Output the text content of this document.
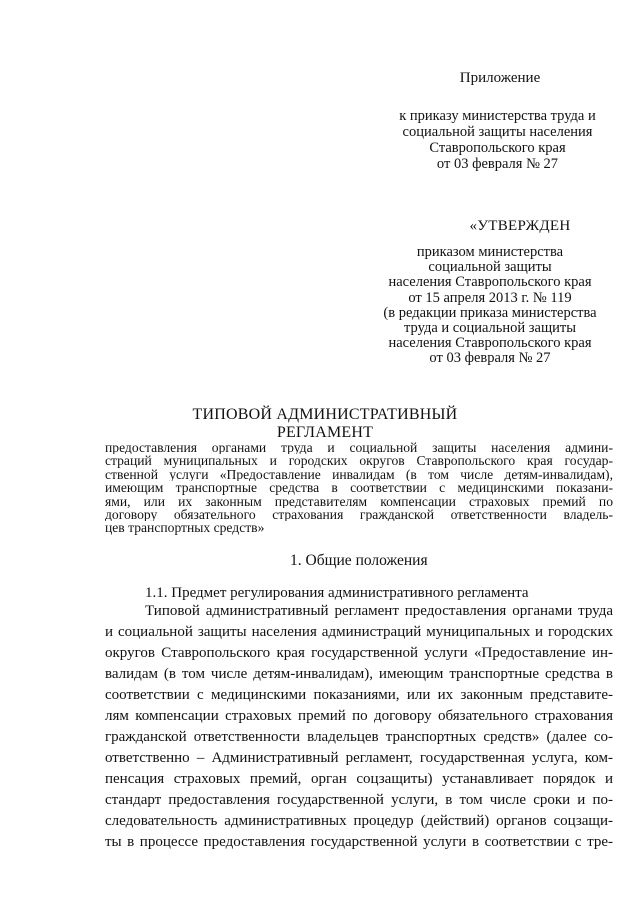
Приложение
к приказу министерства труда и
социальной защиты населения
Ставропольского края
от 03 февраля № 27
«УТВЕРЖДЕН
приказом министерства
социальной защиты
населения Ставропольского края
от 15 апреля 2013 г. № 119
(в редакции приказа министерства
труда и социальной защиты
населения Ставропольского края
от 03 февраля № 27
ТИПОВОЙ АДМИНИСТРАТИВНЫЙ РЕГЛАМЕНТ
предоставления органами труда и социальной защиты населения админи-
страций муниципальных и городских округов Ставропольского края государ-
ственной услуги «Предоставление инвалидам (в том числе детям-инвалидам),
имеющим транспортные средства в соответствии с медицинскими показани-
ями, или их законным представителям компенсации страховых премий по
договору обязательного страхования гражданской ответственности владель-
цев транспортных средств»
1. Общие положения
1.1. Предмет регулирования административного регламента
Типовой административный регламент предоставления органами труда
и социальной защиты населения администраций муниципальных и городских
округов Ставропольского края государственной услуги «Предоставление ин-
валидам (в том числе детям-инвалидам), имеющим транспортные средства в
соответствии с медицинскими показаниями, или их законным представите-
лям компенсации страховых премий по договору обязательного страхования
гражданской ответственности владельцев транспортных средств» (далее со-
ответственно – Административный регламент, государственная услуга, ком-
пенсация страховых премий, орган соцзащиты) устанавливает порядок и
стандарт предоставления государственной услуги, в том числе сроки и по-
следовательность административных процедур (действий) органов соцзащи-
ты в процессе предоставления государственной услуги в соответствии с тре-
